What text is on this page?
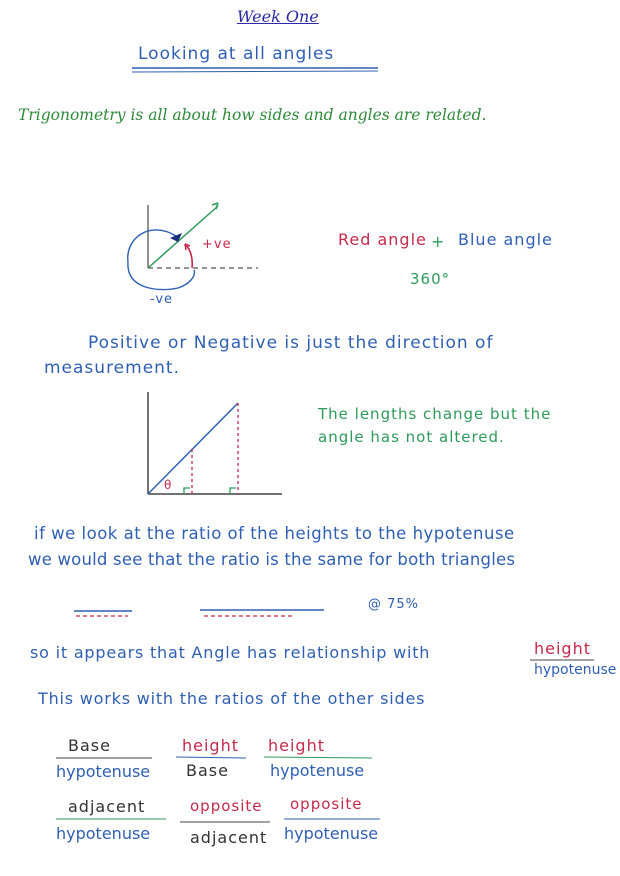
Week One
Looking at all angles
Trigonometry is all about how sides and angles are related.
+ve
-ve
Red angle + Blue angle
360°
Positive or Negative is just the direction of
measurement.
θ
The lengths change but the
angle has not altered.
if we look at the ratio of the heights to the hypotenuse
we would see that the ratio is the same for both triangles
@ 75%
so it appears that Angle has relationship with	height
hypotenuse
This works with the ratios of the other sides
Base
hypotenuse
height
Base
height
hypotenuse
adjacent
hypotenuse
opposite
adjacent
opposite
hypotenuse
